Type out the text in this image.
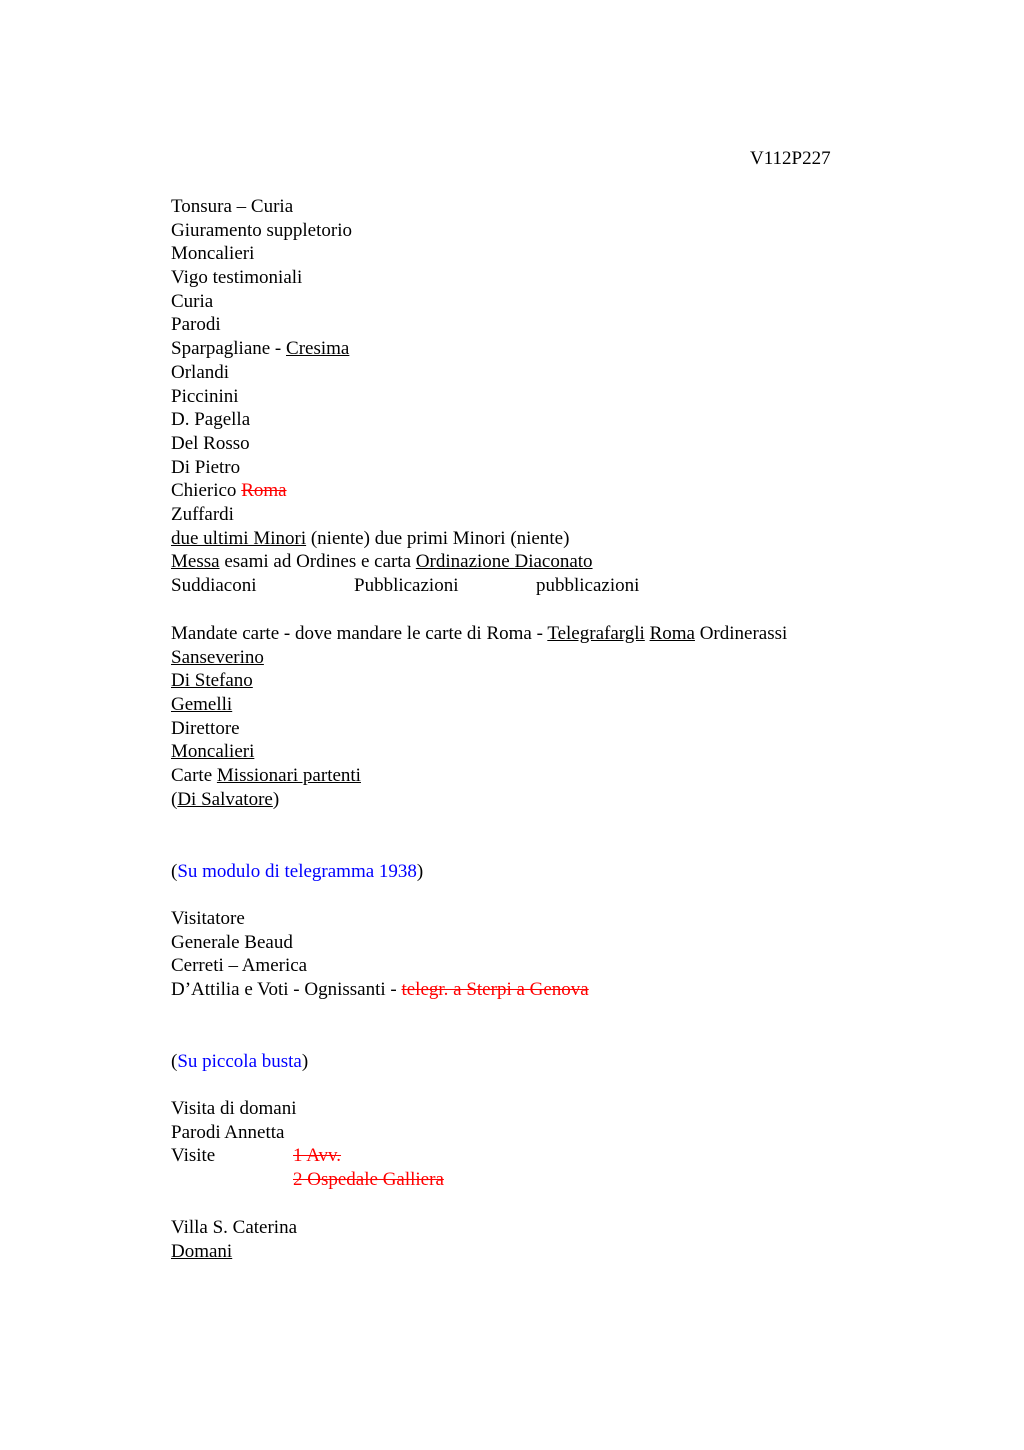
V112P227
Tonsura – Curia
Giuramento suppletorio
Moncalieri
Vigo testimoniali
Curia
Parodi
Sparpagliane - Cresima
Orlandi
Piccinini
D. Pagella
Del Rosso
Di Pietro
Chierico Roma
Zuffardi
due ultimi Minori (niente) due primi Minori (niente)
Messa esami ad Ordines e carta Ordinazione Diaconato
Suddiaconi	Pubblicazioni	pubblicazioni
Mandate carte - dove mandare le carte di Roma - Telegrafargli Roma Ordinerassi
Sanseverino
Di Stefano
Gemelli
Direttore
Moncalieri
Carte Missionari partenti
(Di Salvatore)
(Su modulo di telegramma 1938)
Visitatore
Generale Beaud
Cerreti – America
D’Attilia e Voti - Ognissanti - telegr. a Sterpi a Genova
(Su piccola busta)
Visita di domani
Parodi Annetta
Visite	1 Avv.
2 Ospedale Galliera
Villa S. Caterina
Domani
